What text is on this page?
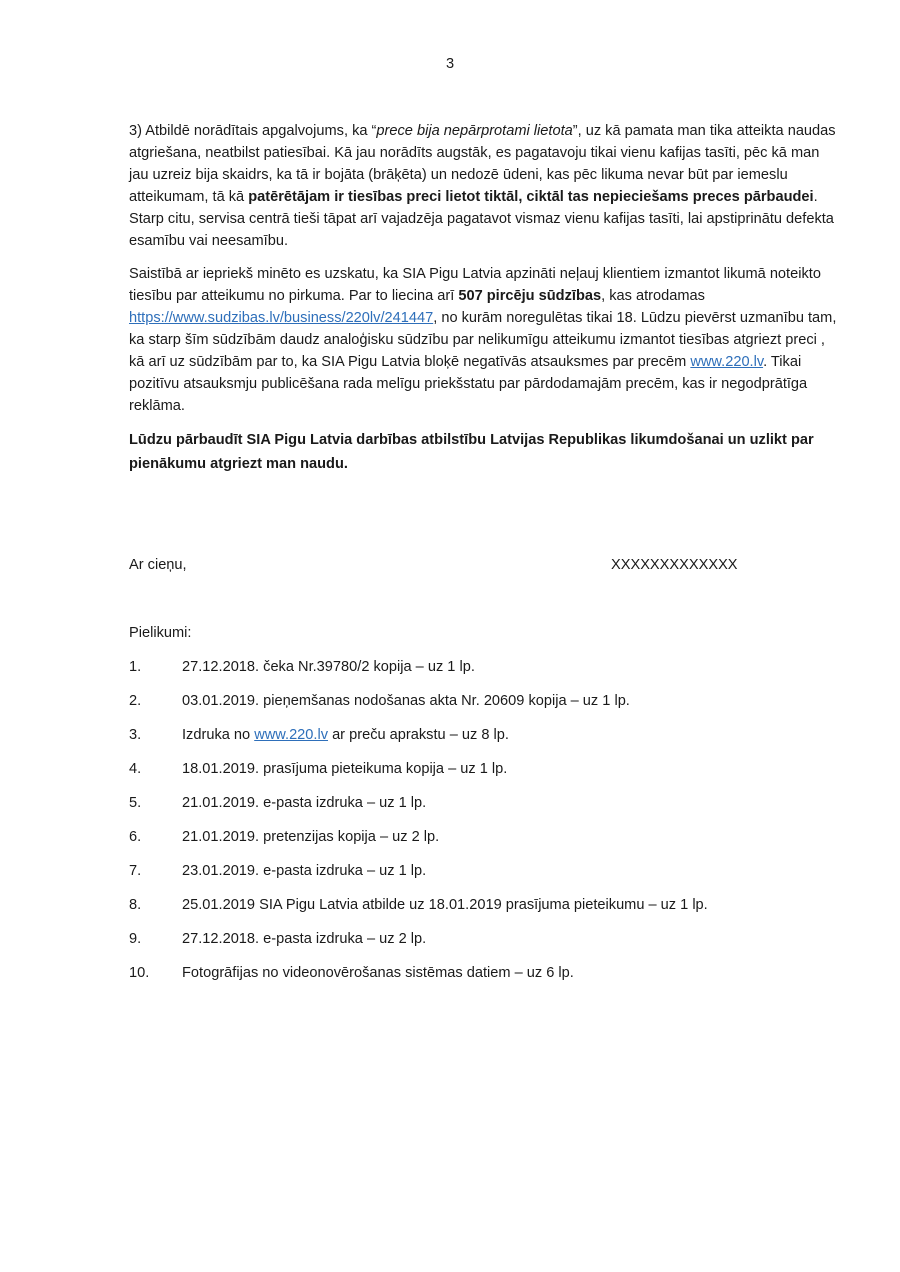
3

3) Atbildē norādītais apgalvojums, ka “prece bija nepārprotami lietota”, uz kā pamata man tika atteikta naudas atgriešana, neatbilst patiesībai. Kā jau norādīts augstāk, es pagatavoju tikai vienu kafijas tasīti, pēc kā man jau uzreiz bija skaidrs, ka tā ir bojāta (brāķēta) un nedozē ūdeni, kas pēc likuma nevar būt par iemeslu atteikumam, tā kā patērētājam ir tiesības preci lietot tiktāl, ciktāl tas nepieciešams preces pārbaudei. Starp citu, servisa centrā tieši tāpat arī vajadzēja pagatavot vismaz vienu kafijas tasīti, lai apstiprinātu defekta esamību vai neesamību.

Saistībā ar iepriekš minēto es uzskatu, ka SIA Pigu Latvia apzināti neļauj klientiem izmantot likumā noteikto tiesību par atteikumu no pirkuma. Par to liecina arī 507 pircēju sūdzības, kas atrodamas https://www.sudzibas.lv/business/220lv/241447, no kurām noregulētas tikai 18. Lūdzu pievērst uzmanību tam, ka starp šīm sūdzībām daudz analoģisku sūdzību par nelikumīgu atteikumu izmantot tiesības atgriezt preci , kā arī uz sūdzībām par to, ka SIA Pigu Latvia bloķē negatīvās atsauksmes par precēm www.220.lv. Tikai pozitīvu atsauksmju publicēšana rada melīgu priekšstatu par pārdodamajām precēm, kas ir negodprātīga reklāma.

Lūdzu pārbaudīt SIA Pigu Latvia darbības atbilstību Latvijas Republikas likumdošanai un uzlikt par pienākumu atgriezt man naudu.

Ar cieņu,	XXXXXXXXXXXXX
Pielikumi:
1.	27.12.2018. čeka Nr.39780/2 kopija – uz 1 lp.
2.	03.01.2019. pieņemšanas nodošanas akta Nr. 20609 kopija – uz 1 lp.
3.	Izdruka no www.220.lv ar preču aprakstu – uz 8 lp.
4.	18.01.2019. prasījuma pieteikuma kopija – uz 1 lp.
5.	21.01.2019. e-pasta izdruka – uz 1 lp.
6.	21.01.2019. pretenzijas kopija – uz 2 lp.
7.	23.01.2019. e-pasta izdruka – uz 1 lp.
8.	25.01.2019 SIA Pigu Latvia atbilde uz 18.01.2019 prasījuma pieteikumu – uz 1 lp.
9.	27.12.2018. e-pasta izdruka – uz 2 lp.
10. Fotogrāfijas no videonovērošanas sistēmas datiem – uz 6 lp.
